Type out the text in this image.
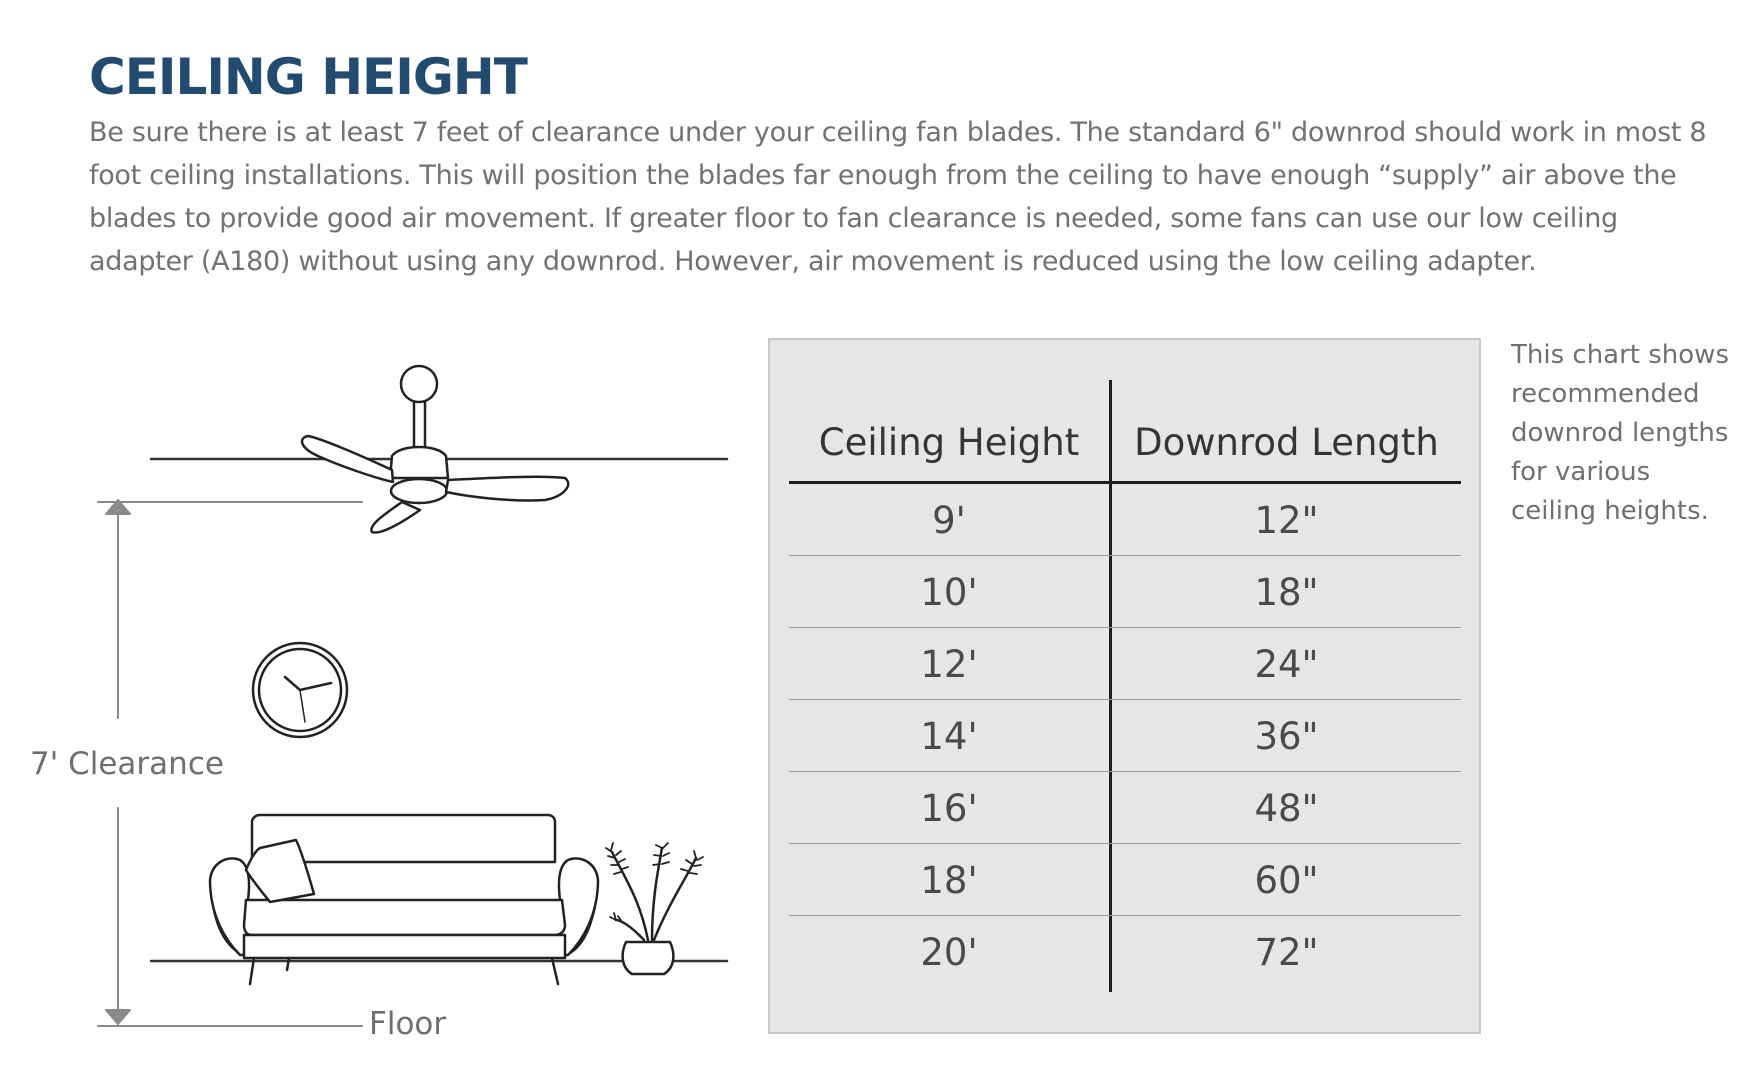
CEILING HEIGHT

Be sure there is at least 7 feet of clearance under your ceiling fan blades. The standard 6" downrod should work in most 8 foot ceiling installations. This will position the blades far enough from the ceiling to have enough “supply” air above the blades to provide good air movement. If greater floor to fan clearance is needed, some fans can use our low ceiling adapter (A180) without using any downrod. However, air movement is reduced using the low ceiling adapter.

7' Clearance
Floor
Ceiling Height	Downrod Length
9'	12"
10'	18"
12'	24"
14'	36"
16'	48"
18'	60"
20'	72"

This chart shows recommended downrod lengths for various ceiling heights.
